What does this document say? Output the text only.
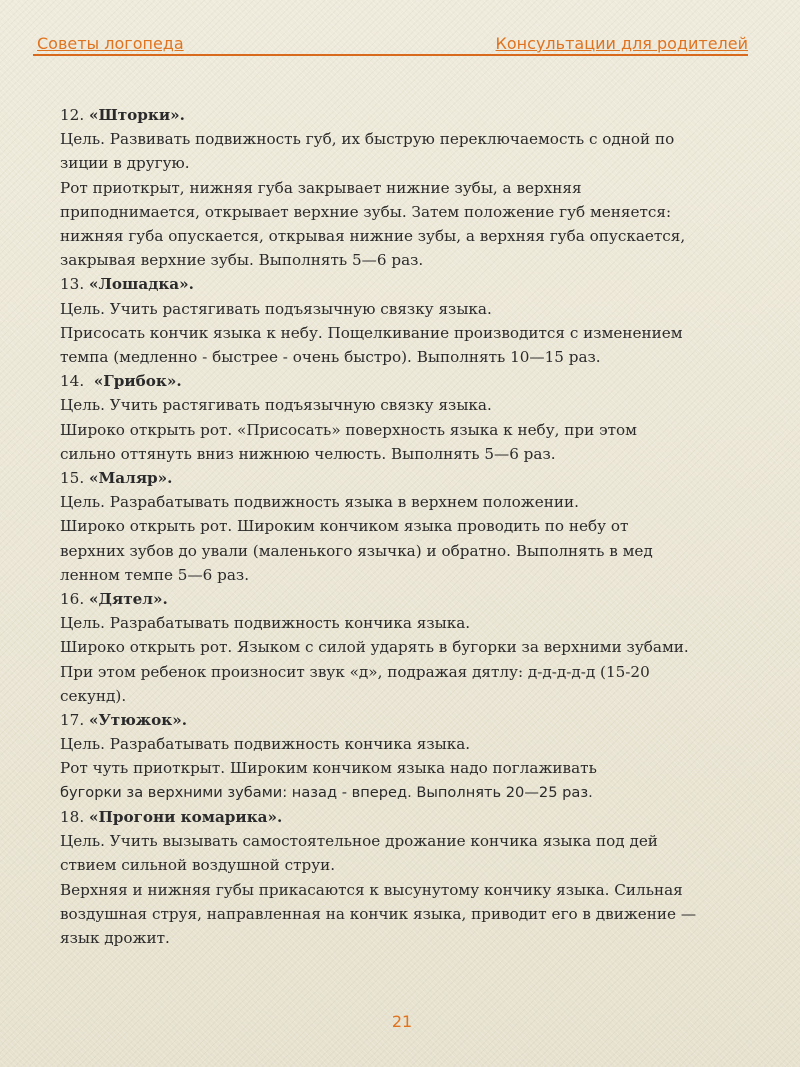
Советы логопеда	Консультации для родителей

12. «Шторки».

Цель. Развивать подвижность губ, их быструю переключаемость с одной по

зиции в другую.

Рот приоткрыт, нижняя губа закрывает нижние зубы, а верхняя

приподнимается, открывает верхние зубы. Затем положение губ меняется:

нижняя губа опускается, открывая нижние зубы, а верхняя губа опускается,

закрывая верхние зубы. Выполнять 5—6 раз.

13. «Лошадка».

Цель. Учить растягивать подъязычную связку языка.

Присосать кончик языка к небу. Пощелкивание производится с изменением

темпа (медленно - быстрее - очень быстро). Выполнять 10—15 раз.

14.  «Грибок».

Цель. Учить растягивать подъязычную связку языка.

Широко открыть рот. «Присосать» поверхность языка к небу, при этом

сильно оттянуть вниз нижнюю челюсть. Выполнять 5—6 раз.

15. «Маляр».

Цель. Разрабатывать подвижность языка в верхнем положении.

Широко открыть рот. Широким кончиком языка проводить по небу от

верхних зубов до ували (маленького язычка) и обратно. Выполнять в мед

ленном темпе 5—6 раз.

16. «Дятел».

Цель. Разрабатывать подвижность кончика языка.

Широко открыть рот. Языком с силой ударять в бугорки за верхними зубами.

При этом ребенок произносит звук «д», подражая дятлу: д-д-д-д-д (15-20

секунд).

17. «Утюжок».

Цель. Разрабатывать подвижность кончика языка.

Рот чуть приоткрыт. Широким кончиком языка надо поглаживать

бугорки за верхними зубами: назад - вперед. Выполнять 20—25 раз.

18. «Прогони комарика».

Цель. Учить вызывать самостоятельное дрожание кончика языка под дей

ствием сильной воздушной струи.

Верхняя и нижняя губы прикасаются к высунутому кончику языка. Сильная

воздушная струя, направленная на кончик языка, приводит его в движение —

язык дрожит.

21
